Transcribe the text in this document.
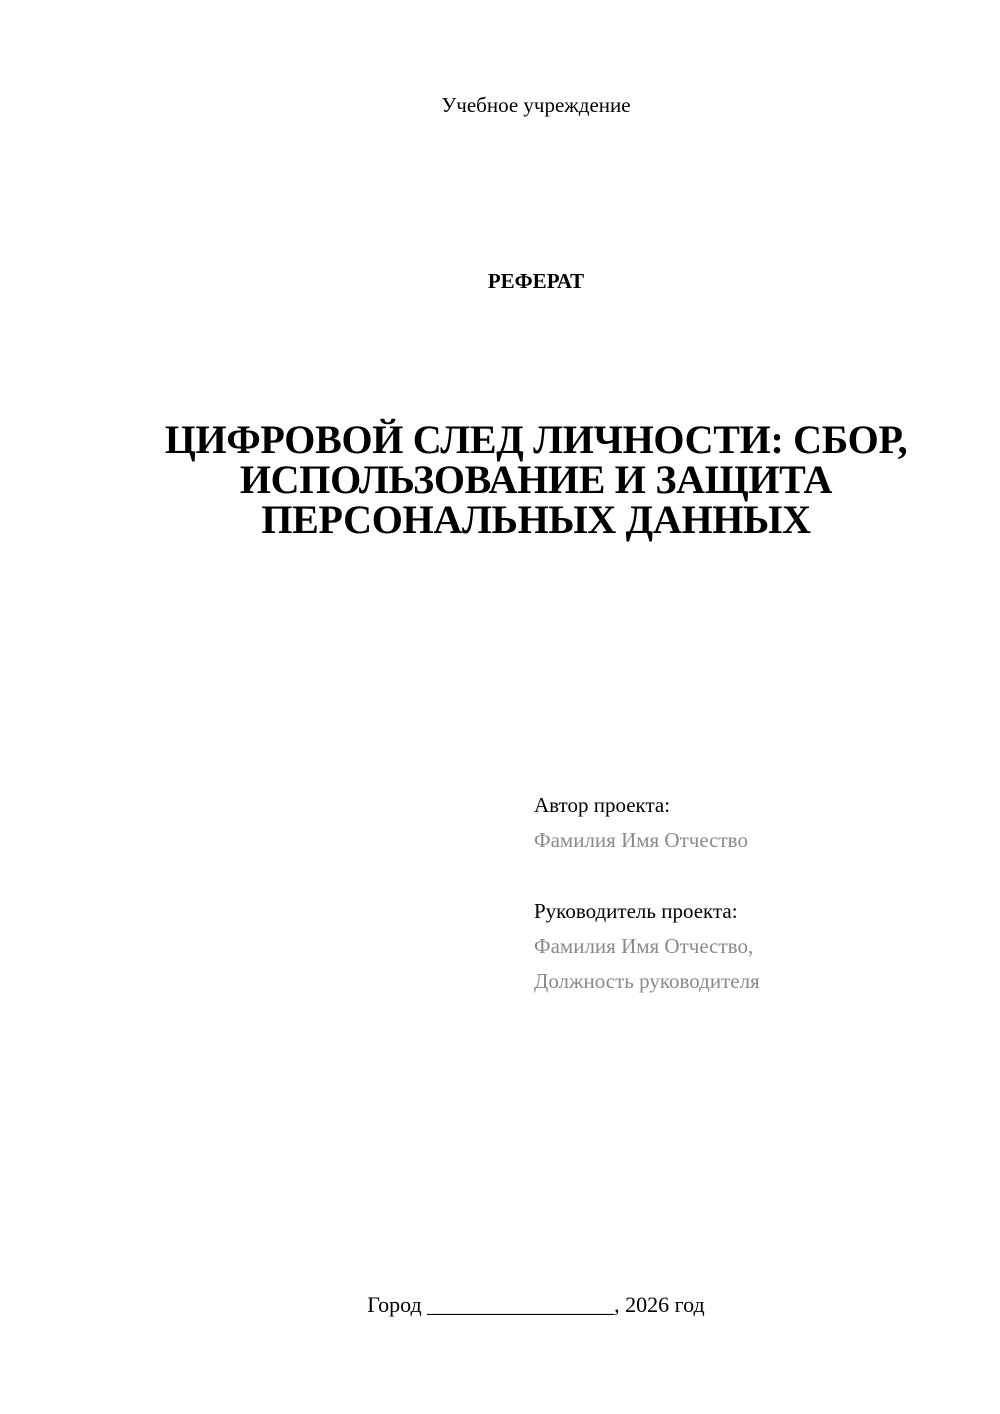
Учебное учреждение
РЕФЕРАТ
ЦИФРОВОЙ СЛЕД ЛИЧНОСТИ: СБОР,
ИСПОЛЬЗОВАНИЕ И ЗАЩИТА
ПЕРСОНАЛЬНЫХ ДАННЫХ
Автор проекта:
Фамилия Имя Отчество
Руководитель проекта:
Фамилия Имя Отчество,
Должность руководителя
Город _________________, 2026 год
